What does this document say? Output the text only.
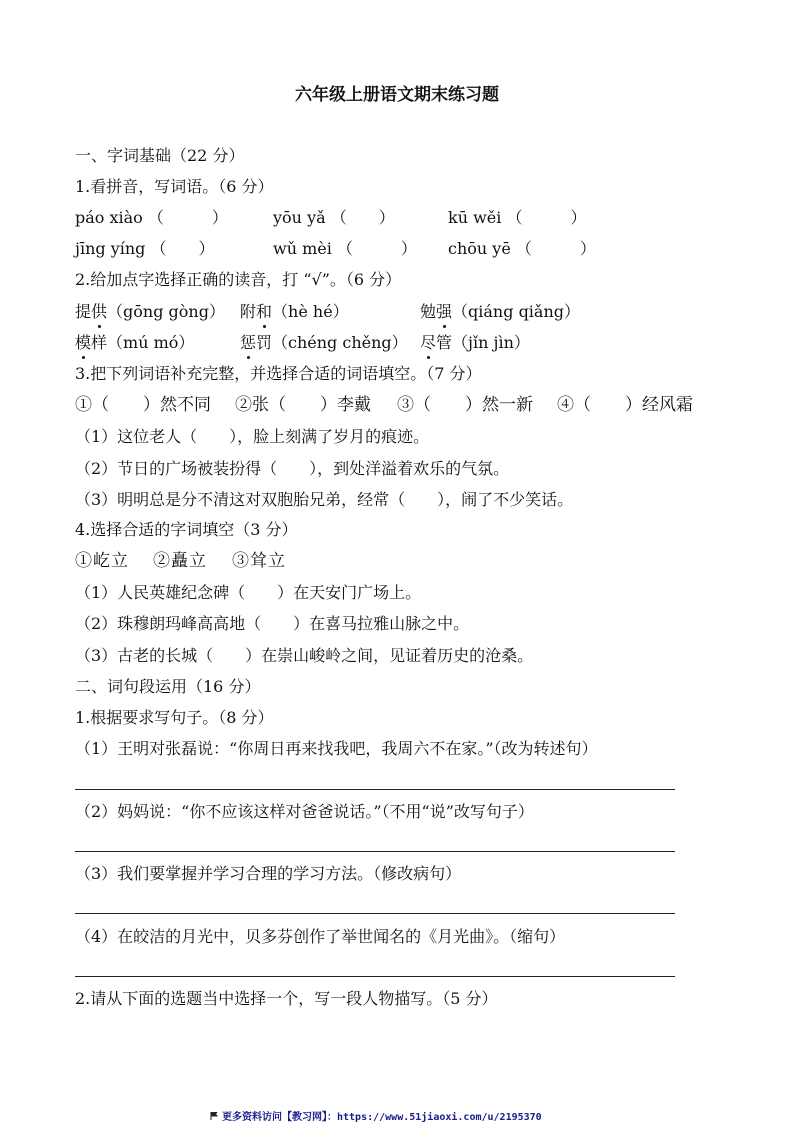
六年级上册语文期末练习题
一、字词基础（22 分）
1.看拼音，写词语。（6 分）
páo xiào （　　　）	yōu yǎ （　　）	kū wěi （　　　）
jīng yíng （　　）	wǔ mèi （　　　） chōu yē （　　　）
2.给加点字选择正确的读音，打 “√”。（6 分）
提供（gōng gòng） 附和（hè hé）	勉强（qiáng qiǎng）
模样（mú mó）	惩罚（chéng chěng） 尽管（jǐn jìn）
3.把下列词语补充完整，并选择合适的词语填空。（7 分）
①（　　）然不同 ②张（　　）李戴 ③（　　）然一新 ④（　　）经风霜
（1）这位老人（　　），脸上刻满了岁月的痕迹。
（2）节日的广场被装扮得（　　），到处洋溢着欢乐的气氛。
（3）明明总是分不清这对双胞胎兄弟，经常（　　），闹了不少笑话。
4.选择合适的字词填空（3 分）
①屹立 ②矗立 ③耸立
（1）人民英雄纪念碑（　　）在天安门广场上。
（2）珠穆朗玛峰高高地（　　）在喜马拉雅山脉之中。
（3）古老的长城（　　）在崇山峻岭之间，见证着历史的沧桑。
二、词句段运用（16 分）
1.根据要求写句子。（8 分）
（1）王明对张磊说：“你周日再来找我吧，我周六不在家。”（改为转述句）
（2）妈妈说：“你不应该这样对爸爸说话。”（不用“说”改写句子）
（3）我们要掌握并学习合理的学习方法。（修改病句）
（4）在皎洁的月光中，贝多芬创作了举世闻名的《月光曲》。（缩句）
2.请从下面的选题当中选择一个，写一段人物描写。（5 分）
更多资料访问【教习网】：https://www.51jiaoxi.com/u/2195370
